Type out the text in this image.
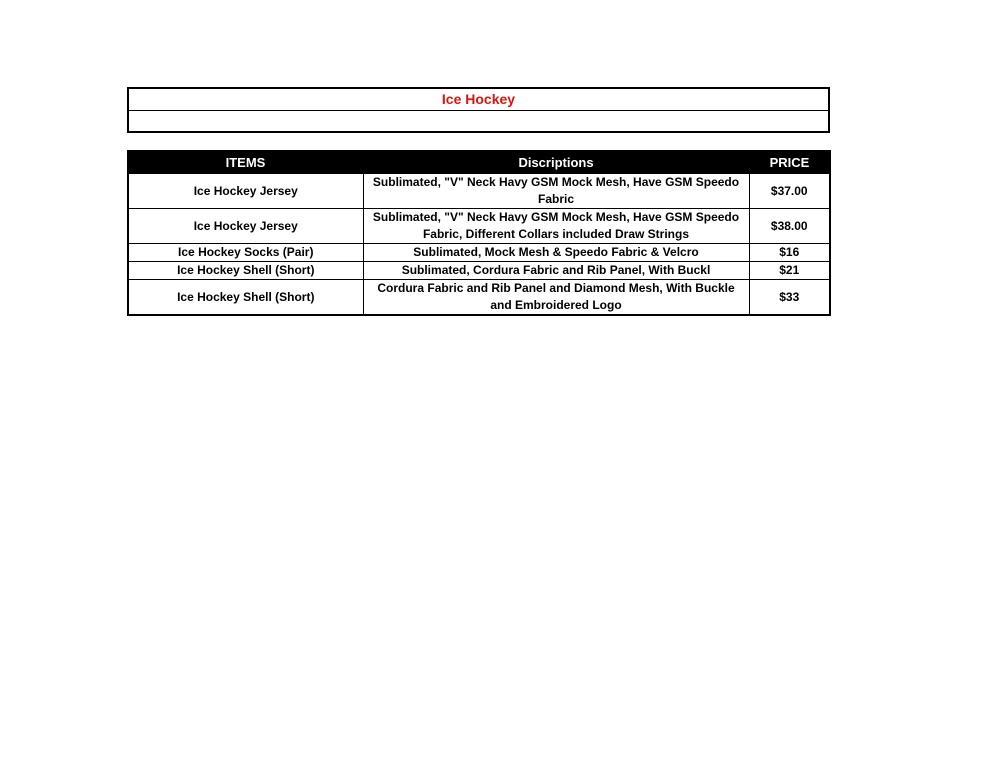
Ice Hockey
ITEMS	Discriptions	PRICE
Ice Hockey Jersey	Sublimated, "V" Neck Havy GSM Mock Mesh, Have GSM Speedo Fabric	$37.00
Ice Hockey Jersey	Sublimated, "V" Neck Havy GSM Mock Mesh, Have GSM Speedo Fabric, Different Collars included Draw Strings	$38.00
Ice Hockey Socks (Pair)	Sublimated, Mock Mesh & Speedo Fabric & Velcro	$16
Ice Hockey Shell (Short)	Sublimated, Cordura Fabric and Rib Panel, With Buckl	$21
Ice Hockey Shell (Short)	Cordura Fabric and Rib Panel and Diamond Mesh, With Buckle and Embroidered Logo	$33
